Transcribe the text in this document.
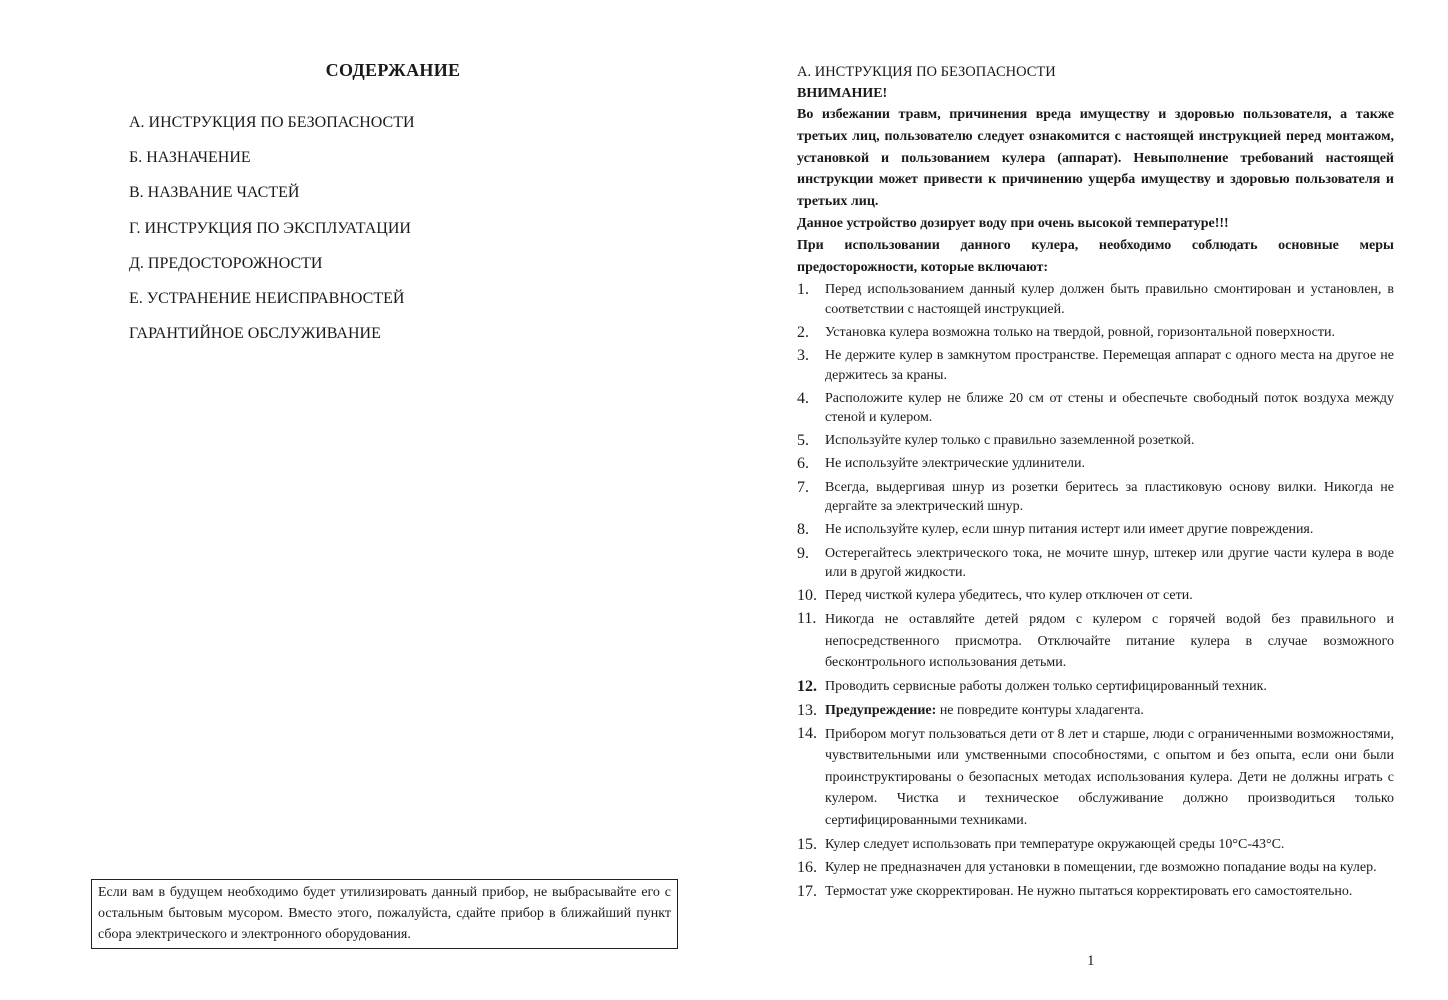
СОДЕРЖАНИЕ
А. ИНСТРУКЦИЯ ПО БЕЗОПАСНОСТИ
Б. НАЗНАЧЕНИЕ
В. НАЗВАНИЕ ЧАСТЕЙ
Г. ИНСТРУКЦИЯ ПО ЭКСПЛУАТАЦИИ
Д. ПРЕДОСТОРОЖНОСТИ
Е. УСТРАНЕНИЕ НЕИСПРАВНОСТЕЙ
ГАРАНТИЙНОЕ ОБСЛУЖИВАНИЕ
Если вам в будущем необходимо будет утилизировать данный прибор, не выбрасывайте его с остальным бытовым мусором. Вместо этого, пожалуйста, сдайте прибор в ближайший пункт сбора электрического и электронного оборудования.
А. ИНСТРУКЦИЯ ПО БЕЗОПАСНОСТИ
ВНИМАНИЕ!
Во избежании травм, причинения вреда имуществу и здоровью пользователя, а также третьих лиц, пользователю следует ознакомится с настоящей инструкцией перед монтажом, установкой и пользованием кулера (аппарат). Невыполнение требований настоящей инструкции может привести к причинению ущерба имуществу и здоровью пользователя и третьих лиц.
Данное устройство дозирует воду при очень высокой температуре!!!
При использовании данного кулера, необходимо соблюдать основные меры предосторожности, которые включают:
1.	Перед использованием данный кулер должен быть правильно смонтирован и установлен, в соответствии с настоящей инструкцией.
2.	Установка кулера возможна только на твердой, ровной, горизонтальной поверхности.
3.	Не держите кулер в замкнутом пространстве. Перемещая аппарат с одного места на другое не держитесь за краны.
4.	Расположите кулер не ближе 20 см от стены и обеспечьте свободный поток воздуха между стеной и кулером.
5.	Используйте кулер только с правильно заземленной розеткой.
6.	Не используйте электрические удлинители.
7.	Всегда, выдергивая шнур из розетки беритесь за пластиковую основу вилки. Никогда не дергайте за электрический шнур.
8.	Не используйте кулер, если шнур питания истерт или имеет другие повреждения.
9.	Остерегайтесь электрического тока, не мочите шнур, штекер или другие части кулера в воде или в другой жидкости.
10. Перед чисткой кулера убедитесь, что кулер отключен от сети.
11. Никогда не оставляйте детей рядом с кулером с горячей водой без правильного и непосредственного присмотра. Отключайте питание кулера в случае возможного бесконтрольного использования детьми.
12. Проводить сервисные работы должен только сертифицированный техник.
13. Предупреждение: не повредите контуры хладагента.
14. Прибором могут пользоваться дети от 8 лет и старше, люди с ограниченными возможностями, чувствительными или умственными способностями, с опытом и без опыта, если они были проинструктированы о безопасных методах использования кулера. Дети не должны играть с кулером. Чистка и техническое обслуживание должно производиться только сертифицированными техниками.
15. Кулер следует использовать при температуре окружающей среды 10°С-43°С.
16. Кулер не предназначен для установки в помещении, где возможно попадание воды на кулер.
17. Термостат уже скорректирован. Не нужно пытаться корректировать его самостоятельно.
1
